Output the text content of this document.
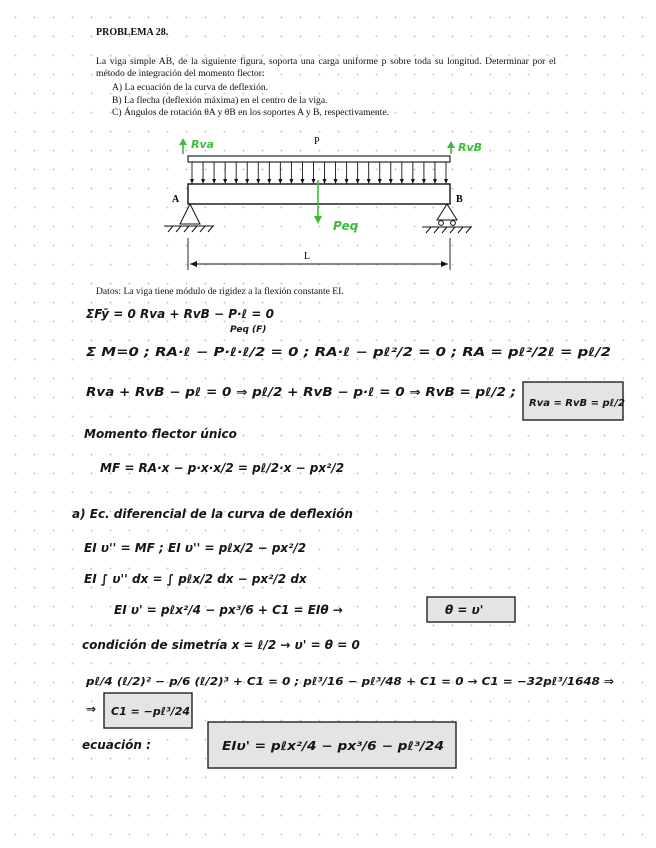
PROBLEMA 28.
La viga simple AB, de la siguiente figura, soporta una carga uniforme p sobre toda su longitud. Determinar por el método de integración del momento flector:
A) La ecuación de la curva de deflexión.
B) La flecha (deflexión máxima) en el centro de la viga.
C) Ángulos de rotación θA y θB en los soportes A y B, respectivamente.
Datos: La viga tiene módulo de rigidez a la flexión constante EI.
P
A	B
L
Rva	RvB
Peq
ΣFȳ = 0 Rva + RvB − P·ℓ = 0
Peq (F)
Σ M=0 ; RA·ℓ − P·ℓ·ℓ/2 = 0 ; RA·ℓ − pℓ²/2 = 0 ; RA = pℓ²/2ℓ = pℓ/2
Rva + RvB − pℓ = 0 ⇒ pℓ/2 + RvB − p·ℓ = 0 ⇒ RvB = pℓ/2 ;
Rva = RvB = pℓ/2
Momento flector único
MF = RA·x − p·x·x/2 = pℓ/2·x − px²/2
a) Ec. diferencial de la curva de deflexión
EI υ'' = MF ; EI υ'' = pℓx/2 − px²/2
EI ∫ υ'' dx = ∫ pℓx/2 dx − px²/2 dx
EI υ' = pℓx²/4 − px³/6 + C1 = EIθ →	θ = υ'
condición de simetría x = ℓ/2 → υ' = θ = 0
pℓ/4 (ℓ/2)² − p/6 (ℓ/2)³ + C1 = 0 ; pℓ³/16 − pℓ³/48 + C1 = 0 → C1 = −32pℓ³/1648 ⇒
⇒ C1 = −pℓ³/24
ecuación :	EIυ' = pℓx²/4 − px³/6 − pℓ³/24
